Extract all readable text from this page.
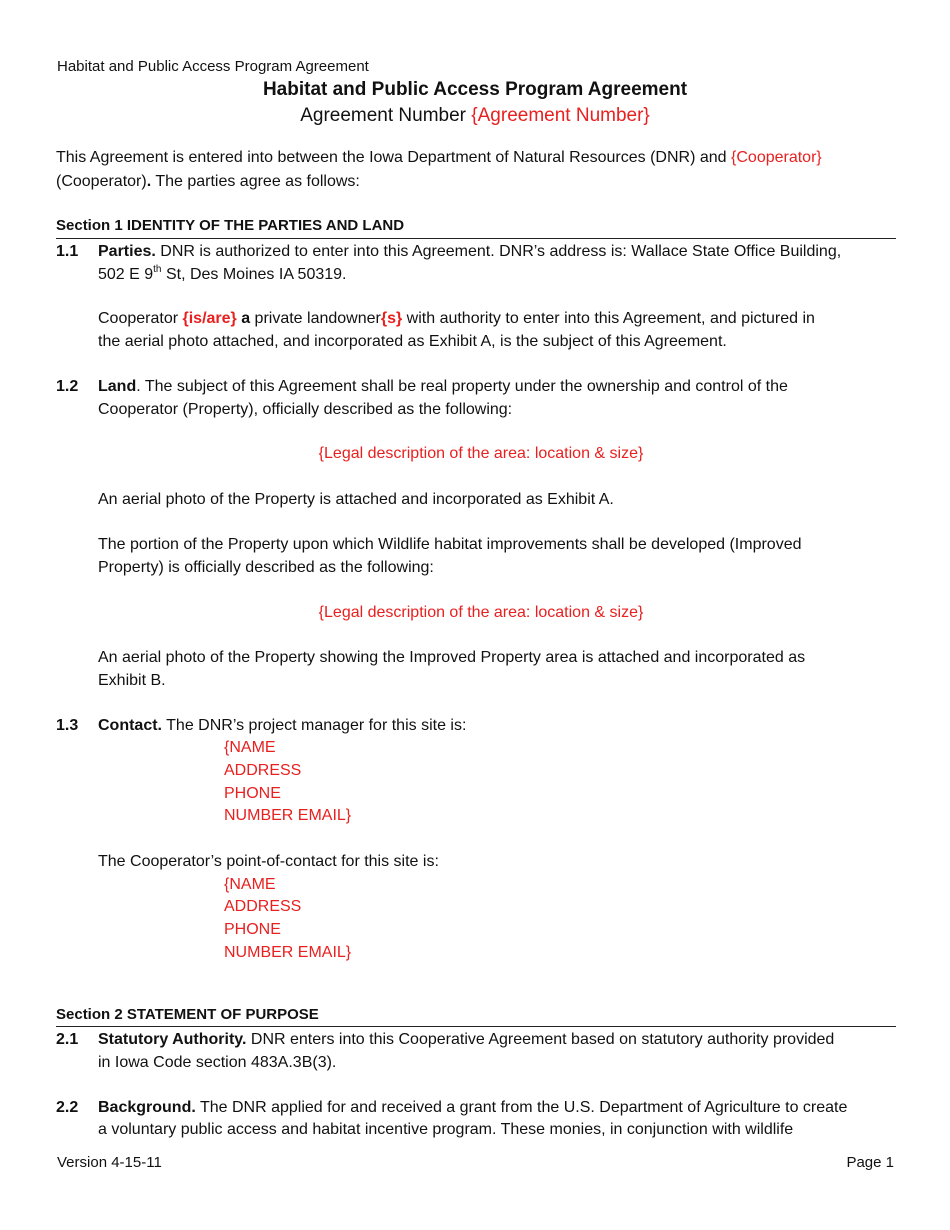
Habitat and Public Access Program Agreement
Habitat and Public Access Program Agreement
Agreement Number {Agreement Number}
This Agreement is entered into between the Iowa Department of Natural Resources (DNR) and {Cooperator}
(Cooperator). The parties agree as follows:
Section 1 IDENTITY OF THE PARTIES AND LAND
1.1 Parties. DNR is authorized to enter into this Agreement. DNR’s address is: Wallace State Office Building,
502 E 9th St, Des Moines IA 50319.
Cooperator {is/are} a private landowner{s} with authority to enter into this Agreement, and pictured in
the aerial photo attached, and incorporated as Exhibit A, is the subject of this Agreement.
1.2 Land. The subject of this Agreement shall be real property under the ownership and control of the
Cooperator (Property), officially described as the following:
{Legal description of the area: location & size}
An aerial photo of the Property is attached and incorporated as Exhibit A.
The portion of the Property upon which Wildlife habitat improvements shall be developed (Improved
Property) is officially described as the following:
{Legal description of the area: location & size}
An aerial photo of the Property showing the Improved Property area is attached and incorporated as
Exhibit B.
1.3 Contact. The DNR’s project manager for this site is:
{NAME
ADDRESS
PHONE
NUMBER EMAIL}
The Cooperator’s point-of-contact for this site is:
{NAME
ADDRESS
PHONE
NUMBER EMAIL}
Section 2 STATEMENT OF PURPOSE
2.1 Statutory Authority. DNR enters into this Cooperative Agreement based on statutory authority provided
in Iowa Code section 483A.3B(3).
2.2 Background. The DNR applied for and received a grant from the U.S. Department of Agriculture to create
a voluntary public access and habitat incentive program. These monies, in conjunction with wildlife
Version 4-15-11	Page 1
